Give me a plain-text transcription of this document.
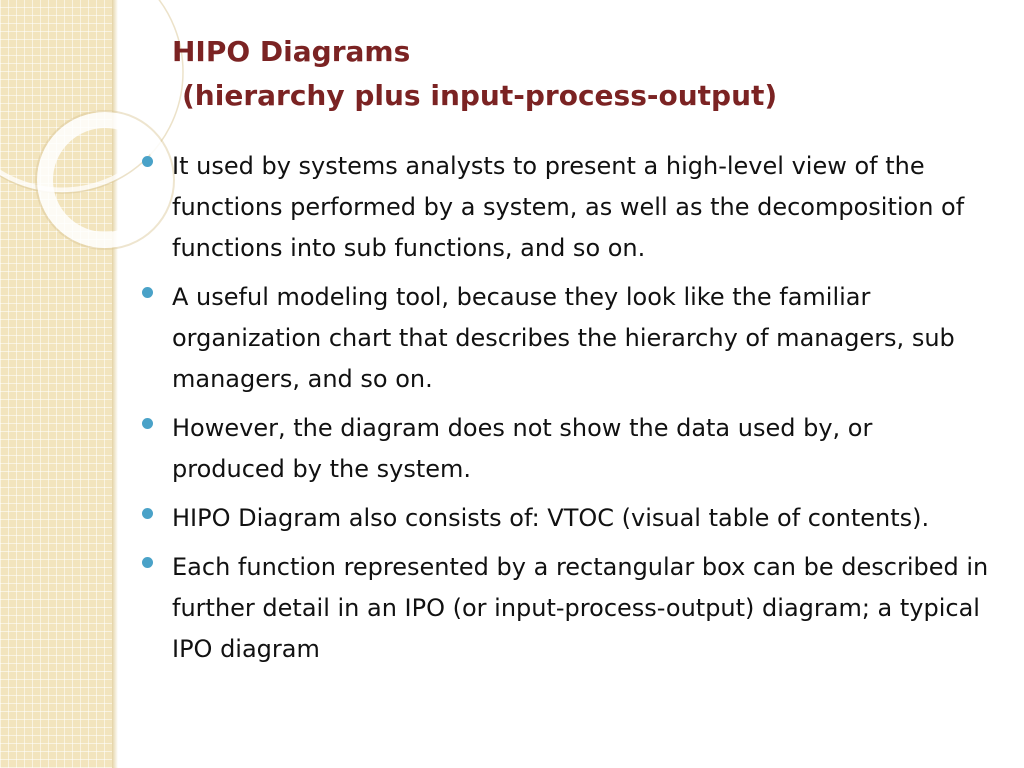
HIPO Diagrams
(hierarchy plus input-process-output)
It used by systems analysts to present a high-level view of the functions performed by a system, as well as the decomposition of functions into sub functions, and so on.
A useful modeling tool, because they look like the familiar organization chart that describes the hierarchy of managers, sub managers, and so on.
However, the diagram does not show the data used by, or produced by the system.
HIPO Diagram also consists of: VTOC (visual table of contents).
Each function represented by a rectangular box can be described in further detail in an IPO (or input-process-output) diagram; a typical IPO diagram
